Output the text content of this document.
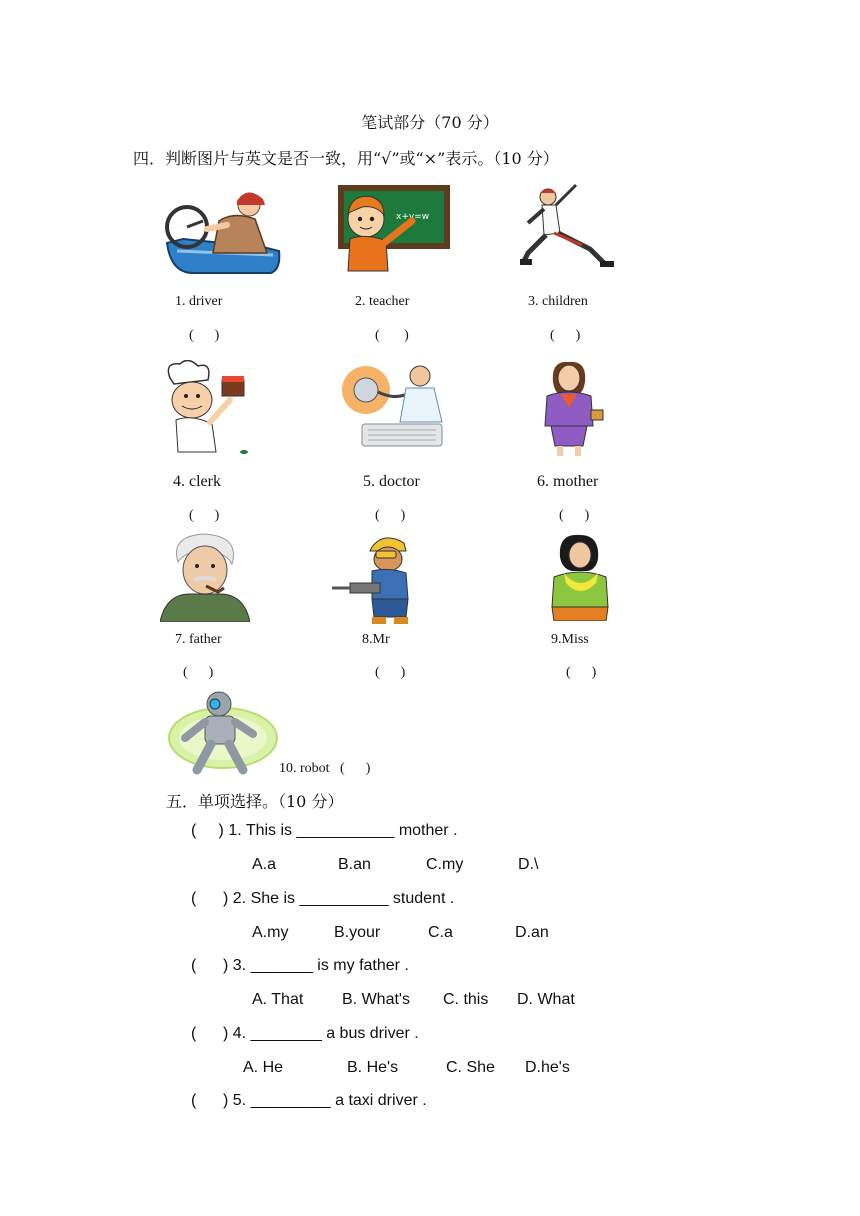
笔试部分（70 分）
四．判断图片与英文是否一致，用“√”或“×”表示。（10 分）
x+y=w
1. driver
(      )
2. teacher
(       )
3. children
(      )
4. clerk
(      )
5. doctor
(      )
6. mother
(      )
7. father
(      )
8.Mr
(      )
9.Miss
(      )
10. robot   (      )
五．单项选择。（10 分）
(     ) 1. This is ___________ mother .
A.a	B.an	C.my	D.\
(      ) 2. She is __________ student .
A.my	B.your	C.a	D.an
(      ) 3. _______ is my father .
A. That B. What's C. this D. What
(      ) 4. ________ a bus driver .
A. He	B. He's	C. She D.he's
(      ) 5. _________ a taxi driver .
